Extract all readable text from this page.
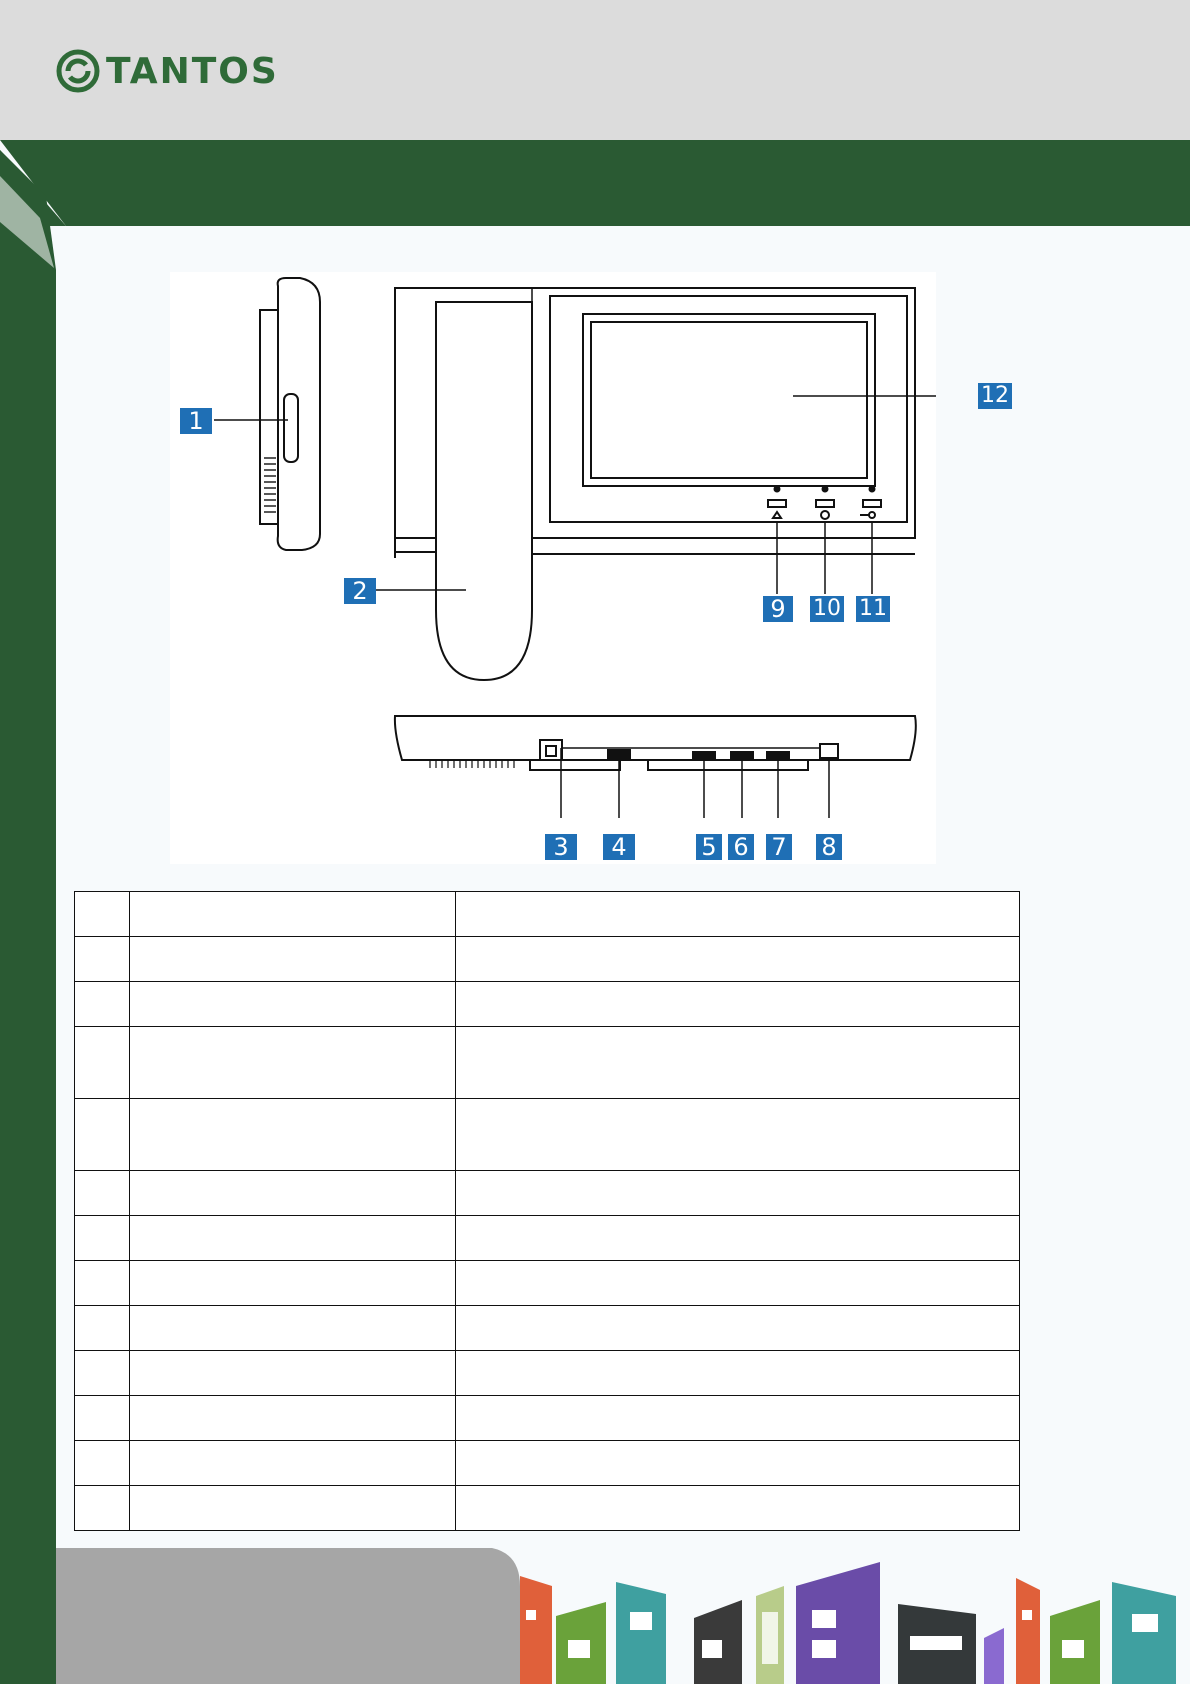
TANTOS
1
2
3	4	5 6 7 8
9	10 11
12
